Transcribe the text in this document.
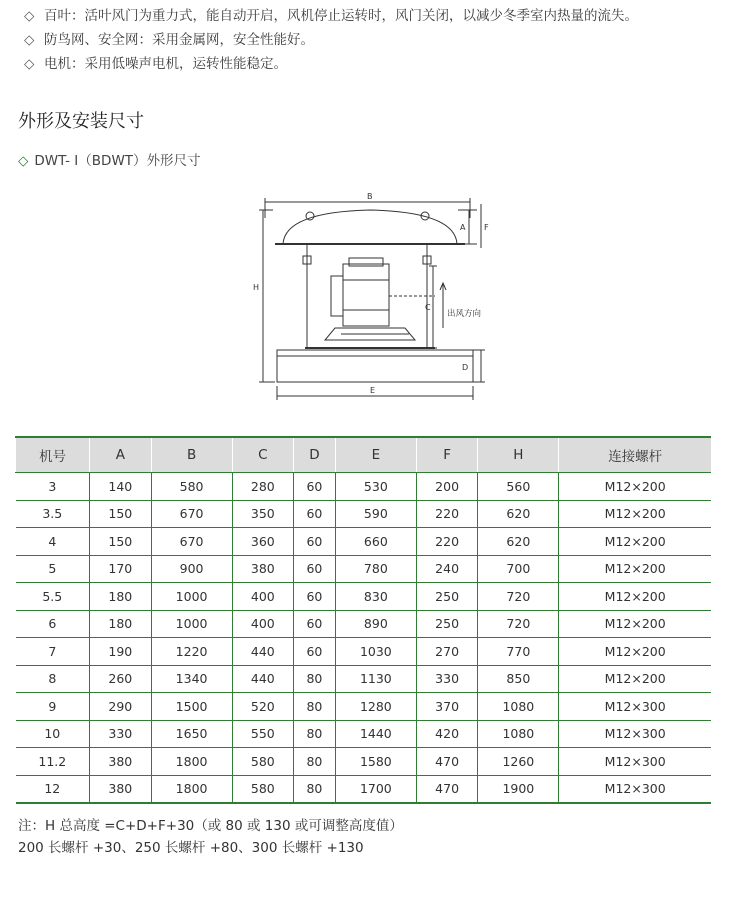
◇ 百叶：活叶风门为重力式，能自动开启，风机停止运转时，风门关闭，以减少冬季室内热量的流失。
◇ 防鸟网、安全网：采用金属网，安全性能好。
◇ 电机：采用低噪声电机，运转性能稳定。
外形及安装尺寸
◇ DWT- Ⅰ（BDWT）外形尺寸
B
A F
H
C
D
E
出风方向
机号	A	B	C	D	E	F	H	连接螺杆
3	140	580	280	60	530	200	560	M12×200
3.5	150	670	350	60	590	220	620	M12×200
4	150	670	360	60	660	220	620	M12×200
5	170	900	380	60	780	240	700	M12×200
5.5	180	1000	400	60	830	250	720	M12×200
6	180	1000	400	60	890	250	720	M12×200
7	190	1220	440	60	1030	270	770	M12×200
8	260	1340	440	80	1130	330	850	M12×200
9	290	1500	520	80	1280	370	1080	M12×300
10	330	1650	550	80	1440	420	1080	M12×300
11.2	380	1800	580	80	1580	470	1260	M12×300
12	380	1800	580	80	1700	470	1900	M12×300
注：H 总高度 =C+D+F+30（或 80 或 130 或可调整高度值）
200 长螺杆 +30、250 长螺杆 +80、300 长螺杆 +130
